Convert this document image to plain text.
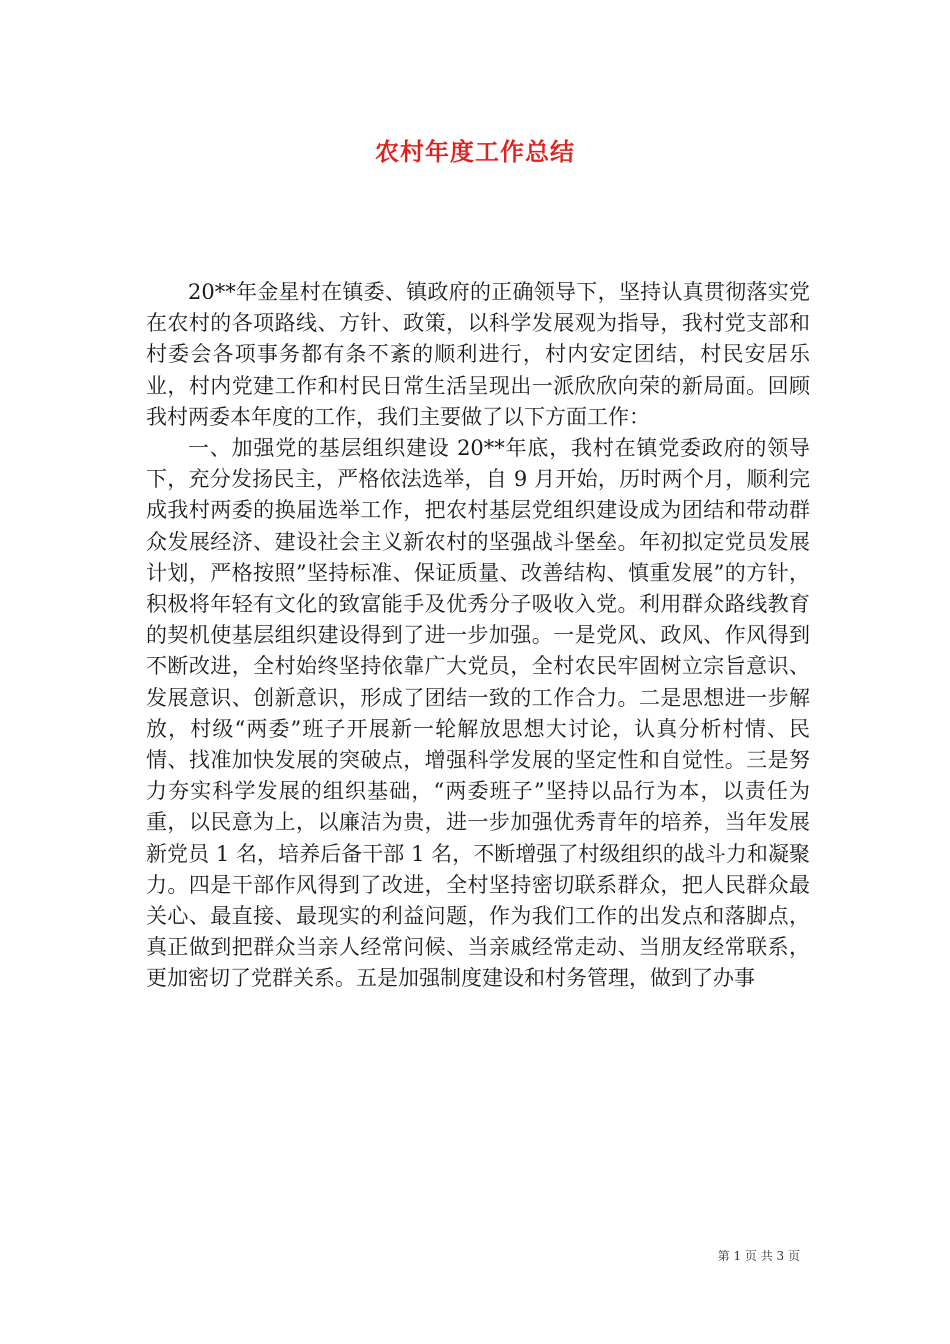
农村年度工作总结

20**年金星村在镇委、镇政府的正确领导下，坚持认真贯彻落实党在农村的各项路线、方针、政策，以科学发展观为指导，我村党支部和村委会各项事务都有条不紊的顺利进行，村内安定团结，村民安居乐业，村内党建工作和村民日常生活呈现出一派欣欣向荣的新局面。回顾我村两委本年度的工作，我们主要做了以下方面工作：

一、加强党的基层组织建设 20**年底，我村在镇党委政府的领导下，充分发扬民主，严格依法选举，自 9 月开始，历时两个月，顺利完成我村两委的换届选举工作，把农村基层党组织建设成为团结和带动群众发展经济、建设社会主义新农村的坚强战斗堡垒。年初拟定党员发展计划，严格按照”坚持标准、保证质量、改善结构、慎重发展”的方针，积极将年轻有文化的致富能手及优秀分子吸收入党。利用群众路线教育的契机使基层组织建设得到了进一步加强。一是党风、政风、作风得到不断改进，全村始终坚持依靠广大党员，全村农民牢固树立宗旨意识、发展意识、创新意识，形成了团结一致的工作合力。二是思想进一步解放，村级“两委”班子开展新一轮解放思想大讨论，认真分析村情、民情、找准加快发展的突破点，增强科学发展的坚定性和自觉性。三是努力夯实科学发展的组织基础，“两委班子”坚持以品行为本，以责任为重，以民意为上，以廉洁为贵，进一步加强优秀青年的培养，当年发展新党员 1 名，培养后备干部 1 名，不断增强了村级组织的战斗力和凝聚力。四是干部作风得到了改进，全村坚持密切联系群众，把人民群众最关心、最直接、最现实的利益问题，作为我们工作的出发点和落脚点，真正做到把群众当亲人经常问候、当亲戚经常走动、当朋友经常联系，更加密切了党群关系。五是加强制度建设和村务管理，做到了办事

第 1 页 共 3 页
